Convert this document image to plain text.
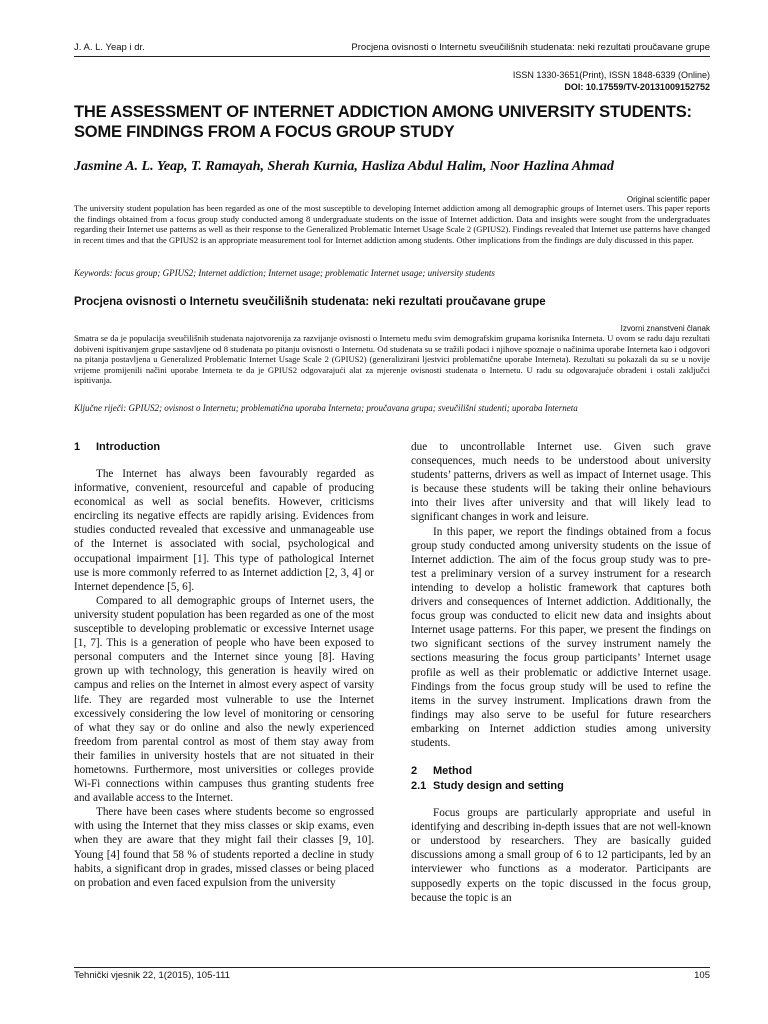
J. A. L. Yeap i dr.	Procjena ovisnosti o Internetu sveučilišnih studenata: neki rezultati proučavane grupe
ISSN 1330-3651(Print), ISSN 1848-6339 (Online)
DOI: 10.17559/TV-20131009152752
THE ASSESSMENT OF INTERNET ADDICTION AMONG UNIVERSITY STUDENTS: SOME FINDINGS FROM A FOCUS GROUP STUDY
Jasmine A. L. Yeap, T. Ramayah, Sherah Kurnia, Hasliza Abdul Halim, Noor Hazlina Ahmad
Original scientific paper
The university student population has been regarded as one of the most susceptible to developing Internet addiction among all demographic groups of Internet users. This paper reports the findings obtained from a focus group study conducted among 8 undergraduate students on the issue of Internet addiction. Data and insights were sought from the undergraduates regarding their Internet use patterns as well as their response to the Generalized Problematic Internet Usage Scale 2 (GPIUS2). Findings revealed that Internet use patterns have changed in recent times and that the GPIUS2 is an appropriate measurement tool for Internet addiction among students. Other implications from the findings are duly discussed in this paper.
Keywords: focus group; GPIUS2; Internet addiction; Internet usage; problematic Internet usage; university students
Procjena ovisnosti o Internetu sveučilišnih studenata: neki rezultati proučavane grupe
Izvorni znanstveni članak
Smatra se da je populacija sveučilišnih studenata najotvorenija za razvijanje ovisnosti o Internetu među svim demografskim grupama korisnika Interneta. U ovom se radu daju rezultati dobiveni ispitivanjem grupe sastavljene od 8 studenata po pitanju ovisnosti o Internetu. Od studenata su se tražili podaci i njihove spoznaje o načinima uporabe Interneta kao i odgovori na pitanja postavljena u Generalized Problematic Internet Usage Scale 2 (GPIUS2) (generalizirani ljestvici problematične uporabe Interneta). Rezultati su pokazali da su se u novije vrijeme promijenili načini uporabe Interneta te da je GPIUS2 odgovarajući alat za mjerenje ovisnosti studenata o Internetu. U radu su odgovarajuće obrađeni i ostali zaključci ispitivanja.
Ključne riječi: GPIUS2; ovisnost o Internetu; problematična uporaba Interneta; proučavana grupa; sveučilišni studenti; uporaba Interneta

1 Introduction

The Internet has always been favourably regarded as informative, convenient, resourceful and capable of producing economical as well as social benefits. However, criticisms encircling its negative effects are rapidly arising. Evidences from studies conducted revealed that excessive and unmanageable use of the Internet is associated with social, psychological and occupational impairment [1]. This type of pathological Internet use is more commonly referred to as Internet addiction [2, 3, 4] or Internet dependence [5, 6].

Compared to all demographic groups of Internet users, the university student population has been regarded as one of the most susceptible to developing problematic or excessive Internet usage [1, 7]. This is a generation of people who have been exposed to personal computers and the Internet since young [8]. Having grown up with technology, this generation is heavily wired on campus and relies on the Internet in almost every aspect of varsity life. They are regarded most vulnerable to use the Internet excessively considering the low level of monitoring or censoring of what they say or do online and also the newly experienced freedom from parental control as most of them stay away from their families in university hostels that are not situated in their hometowns. Furthermore, most universities or colleges provide Wi-Fi connections within campuses thus granting students free and available access to the Internet.

There have been cases where students become so engrossed with using the Internet that they miss classes or skip exams, even when they are aware that they might fail their classes [9, 10]. Young [4] found that 58 % of students reported a decline in study habits, a significant drop in grades, missed classes or being placed on probation and even faced expulsion from the university

due to uncontrollable Internet use. Given such grave consequences, much needs to be understood about university students’ patterns, drivers as well as impact of Internet usage. This is because these students will be taking their online behaviours into their lives after university and that will likely lead to significant changes in work and leisure.

In this paper, we report the findings obtained from a focus group study conducted among university students on the issue of Internet addiction. The aim of the focus group study was to pre-test a preliminary version of a survey instrument for a research intending to develop a holistic framework that captures both drivers and consequences of Internet addiction. Additionally, the focus group was conducted to elicit new data and insights about Internet usage patterns. For this paper, we present the findings on two significant sections of the survey instrument namely the sections measuring the focus group participants’ Internet usage profile as well as their problematic or addictive Internet usage. Findings from the focus group study will be used to refine the items in the survey instrument. Implications drawn from the findings may also serve to be useful for future researchers embarking on Internet addiction studies among university students.

2 Method

2.1 Study design and setting

Focus groups are particularly appropriate and useful in identifying and describing in-depth issues that are not well-known or understood by researchers. They are basically guided discussions among a small group of 6 to 12 participants, led by an interviewer who functions as a moderator. Participants are supposedly experts on the topic discussed in the focus group, because the topic is an

Tehnički vjesnik 22, 1(2015), 105-111	105
